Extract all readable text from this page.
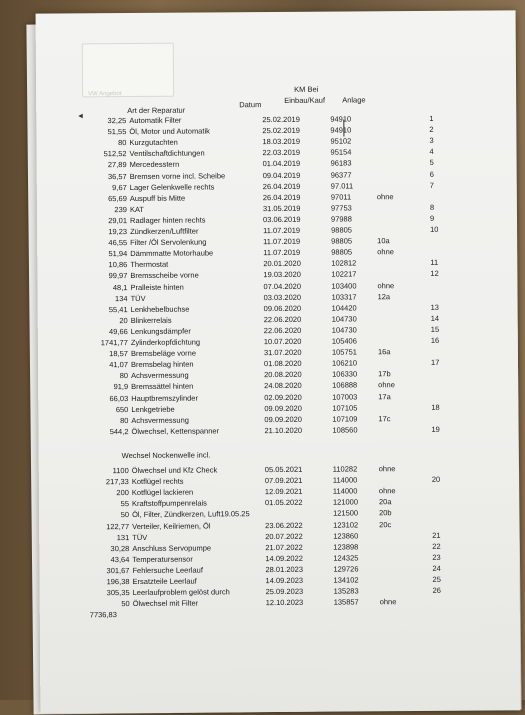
VW Angebot
◂
KM Bei
Einbau/Kauf Anlage
Datum
Art der Reparatur
32,25 Automatik Filter	25.02.2019	94910	1
51,55 Öl, Motor und Automatik	25.02.2019	94910	2
80 Kurzgutachten	18.03.2019	95102	3
512,52 Ventilschaftdichtungen	22.03.2019	95154	4
27,89 Mercedesstern	01.04.2019	96183	5
36,57 Bremsen vorne incl. Scheibe	09.04.2019	96377	6
9,67 Lager Gelenkwelle rechts	26.04.2019	97.011	7
65,69 Auspuff bis Mitte	26.04.2019	97011	ohne
239 KAT	31.05.2019	97753	8
29,01 Radlager hinten rechts	03.06.2019	97988	9
19,23 Zündkerzen/Luftfilter	11.07.2019	98805	10
46,55 Filter /Öl Servolenkung	11.07.2019	98805	10a
51,94 Dämmmatte Motorhaube	11.07.2019	98805	ohne
10,86 Thermostat	20.01.2020	102812	11
99,97 Bremsscheibe vorne	19.03.2020	102217	12
48,1 Pralleiste hinten	07.04.2020	103400	ohne
134 TÜV	03.03.2020	103317	12a
55,41 Lenkhebelbuchse	09.06.2020	104420	13
20 Blinkerrelais	22.06.2020	104730	14
49,66 Lenkungsdämpfer	22.06.2020	104730	15
1741,77 Zylinderkopfdichtung	10.07.2020	105406	16
18,57 Bremsbeläge vorne	31.07.2020	105751	16a
41,07 Bremsbelag hinten	01.08.2020	106210	17
80 Achsvermessung	20.08.2020	106330	17b
91,9 Bremssättel hinten	24.08.2020	106888	ohne
66,03 Hauptbremszylinder	02.09.2020	107003	17a
650 Lenkgetriebe	09.09.2020	107105	18
80 Achsvermessung	09.09.2020	107109	17c
544,2 Ölwechsel, Kettenspanner	21.10.2020	108560	19
Wechsel Nockenwelle incl.
1100 Ölwechsel und Kfz Check	05.05.2021	110282	ohne
217,33 Kotflügel rechts	07.09.2021	114000	20
200 Kotflügel lackieren	12.09.2021	114000	ohne
55 Kraftstoffpumpenrelais	01.05.2022	121000	20a
50 Öl, Filter, Zündkerzen, Luft19.05.25	121500	20b
122,77 Verteiler, Keilriemen, Öl	23.06.2022	123102	20c
131 TÜV	20.07.2022	123860	21
30,28 Anschluss Servopumpe	21.07.2022	123898	22
43,64 Temperatursensor	14.09.2022	124325	23
301,67 Fehlersuche Leerlauf	28.01.2023	129726	24
196,38 Ersatzteile Leerlauf	14.09.2023	134102	25
305,35 Leerlaufproblem gelöst durch	25.09.2023	135283	26
50 Ölwechsel mit Filter	12.10.2023	135857	ohne
7736,83
